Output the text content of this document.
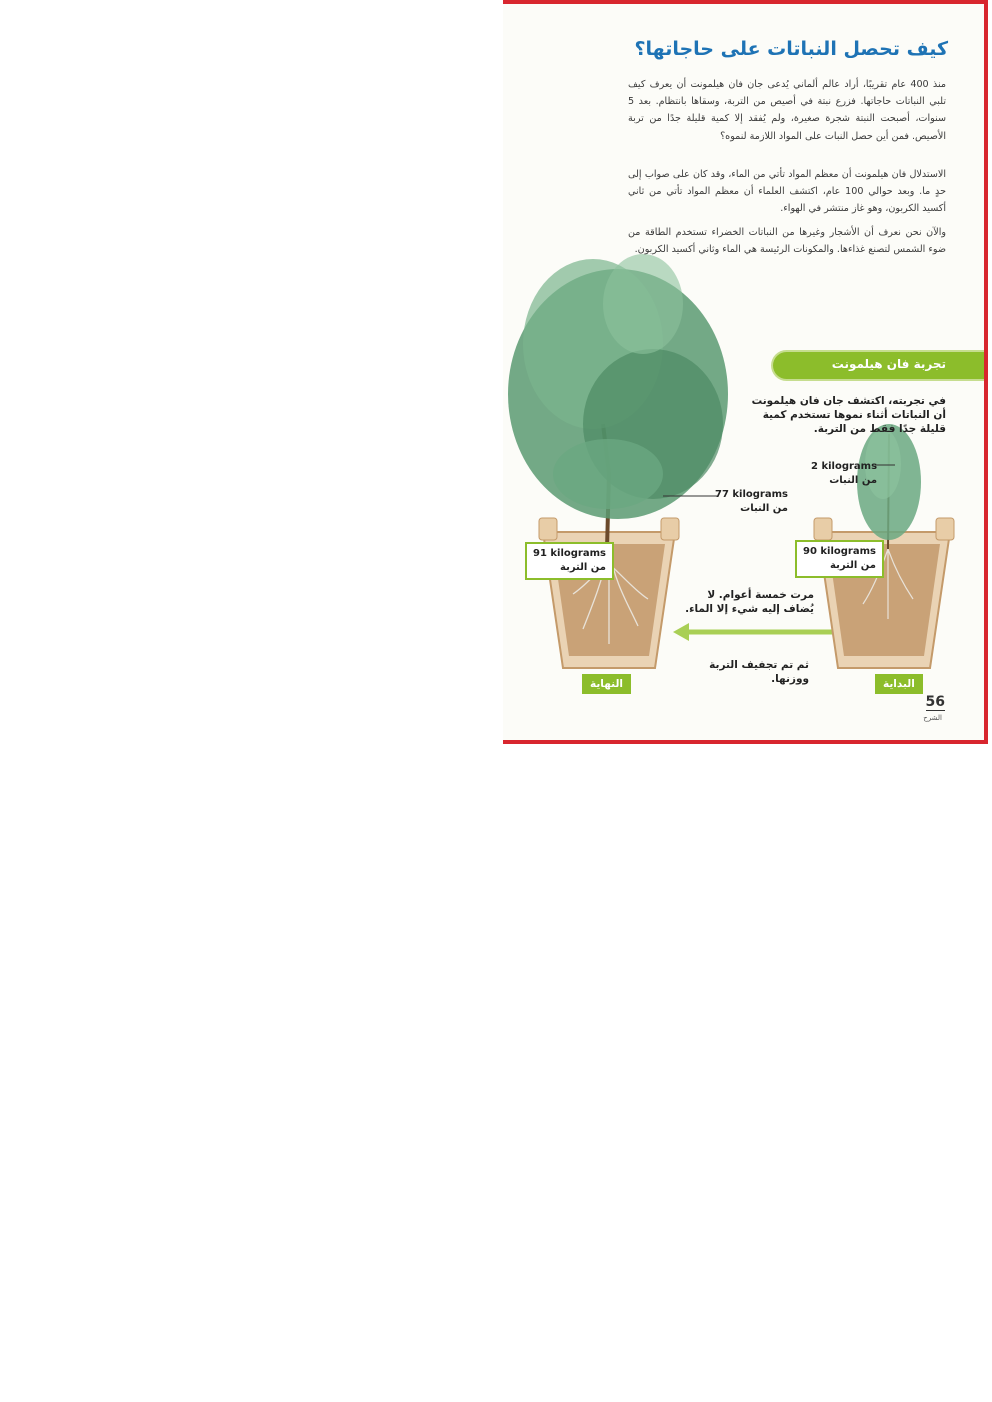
كيف تحصل النباتات على حاجاتها؟

منذ 400 عام تقريبًا، أراد عالم ألماني يُدعى جان فان هيلمونت أن يعرف كيف تلبي النباتات حاجاتها. فزرع نبتة في أصيص من التربة، وسقاها بانتظام. بعد 5 سنوات، أصبحت النبتة شجرة صغيرة، ولم يُفقد إلا كمية قليلة جدًا من تربة الأصيص. فمن أين حصل النبات على المواد اللازمة لنموه؟

الاستدلال فان هيلمونت أن معظم المواد تأتي من الماء، وقد كان على صواب إلى حدٍ ما. وبعد حوالي 100 عام، اكتشف العلماء أن معظم المواد تأتي من ثاني أكسيد الكربون، وهو غاز منتشر في الهواء.

والآن نحن نعرف أن الأشجار وغيرها من النباتات الخضراء تستخدم الطاقة من ضوء الشمس لتصنع غذاءها. والمكونات الرئيسة هي الماء وثاني أكسيد الكربون.

تجربة فان هيلمونت
في تجربته، اكتشف جان فان هيلمونت أن النباتات أثناء نموها تستخدم كمية قليلة جدًا فقط من التربة.
2 kilograms
من النبات
77 kilograms
من النبات
91 kilograms
من التربة
90 kilograms
من التربة
مرت خمسة أعوام. لا يُضاف إليه شيء إلا الماء.
ثم تم تجفيف التربة ووزنها.
النهاية	البداية
56
الشرح
